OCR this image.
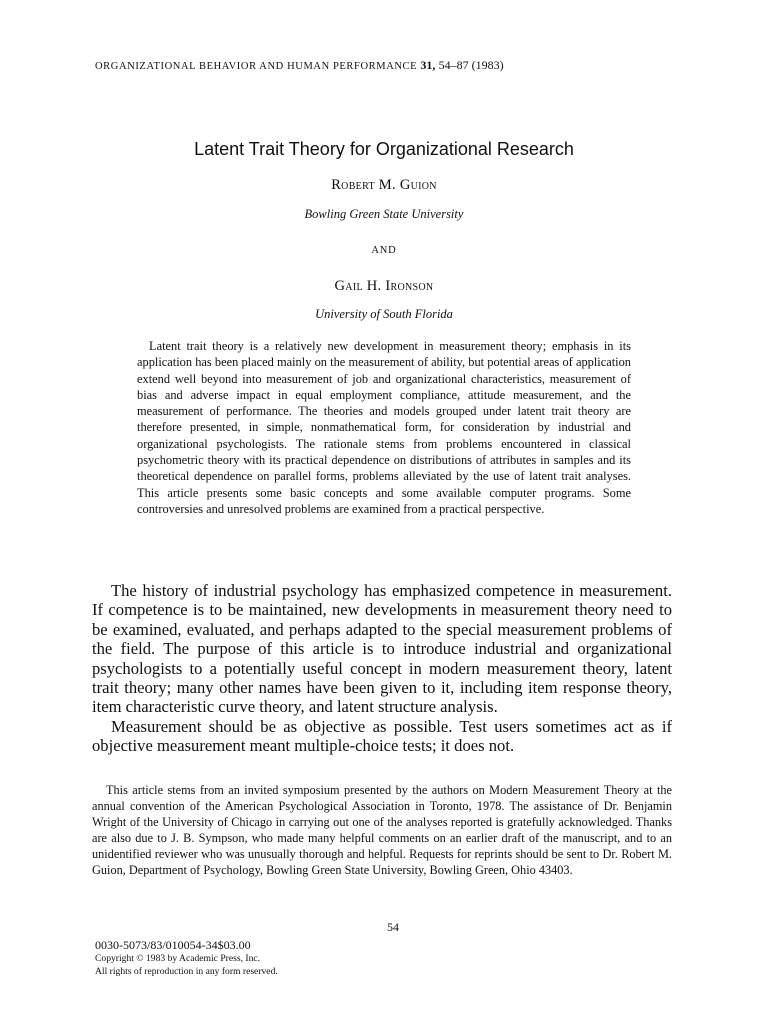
ORGANIZATIONAL BEHAVIOR AND HUMAN PERFORMANCE 31, 54–87 (1983)
Latent Trait Theory for Organizational Research
Robert M. Guion
Bowling Green State University
AND
Gail H. Ironson
University of South Florida

Latent trait theory is a relatively new development in measurement theory; emphasis in its application has been placed mainly on the measurement of ability, but potential areas of application extend well beyond into measurement of job and organizational characteristics, measurement of bias and adverse impact in equal employment compliance, attitude measurement, and the measurement of performance. The theories and models grouped under latent trait theory are therefore presented, in simple, nonmathematical form, for consideration by industrial and organizational psychologists. The rationale stems from problems encountered in classical psychometric theory with its practical dependence on distributions of attributes in samples and its theoretical dependence on parallel forms, problems alleviated by the use of latent trait analyses. This article presents some basic concepts and some available computer programs. Some controversies and unresolved problems are examined from a practical perspective.

The history of industrial psychology has emphasized competence in measurement. If competence is to be maintained, new developments in measurement theory need to be examined, evaluated, and perhaps adapted to the special measurement problems of the field. The purpose of this article is to introduce industrial and organizational psychologists to a potentially useful concept in modern measurement theory, latent trait theory; many other names have been given to it, including item response theory, item characteristic curve theory, and latent structure analysis.

Measurement should be as objective as possible. Test users sometimes act as if objective measurement meant multiple-choice tests; it does not.

This article stems from an invited symposium presented by the authors on Modern Measurement Theory at the annual convention of the American Psychological Association in Toronto, 1978. The assistance of Dr. Benjamin Wright of the University of Chicago in carrying out one of the analyses reported is gratefully acknowledged. Thanks are also due to J. B. Sympson, who made many helpful comments on an earlier draft of the manuscript, and to an unidentified reviewer who was unusually thorough and helpful. Requests for reprints should be sent to Dr. Robert M. Guion, Department of Psychology, Bowling Green State University, Bowling Green, Ohio 43403.

54
0030-5073/83/010054-34$03.00
Copyright © 1983 by Academic Press, Inc.
All rights of reproduction in any form reserved.
